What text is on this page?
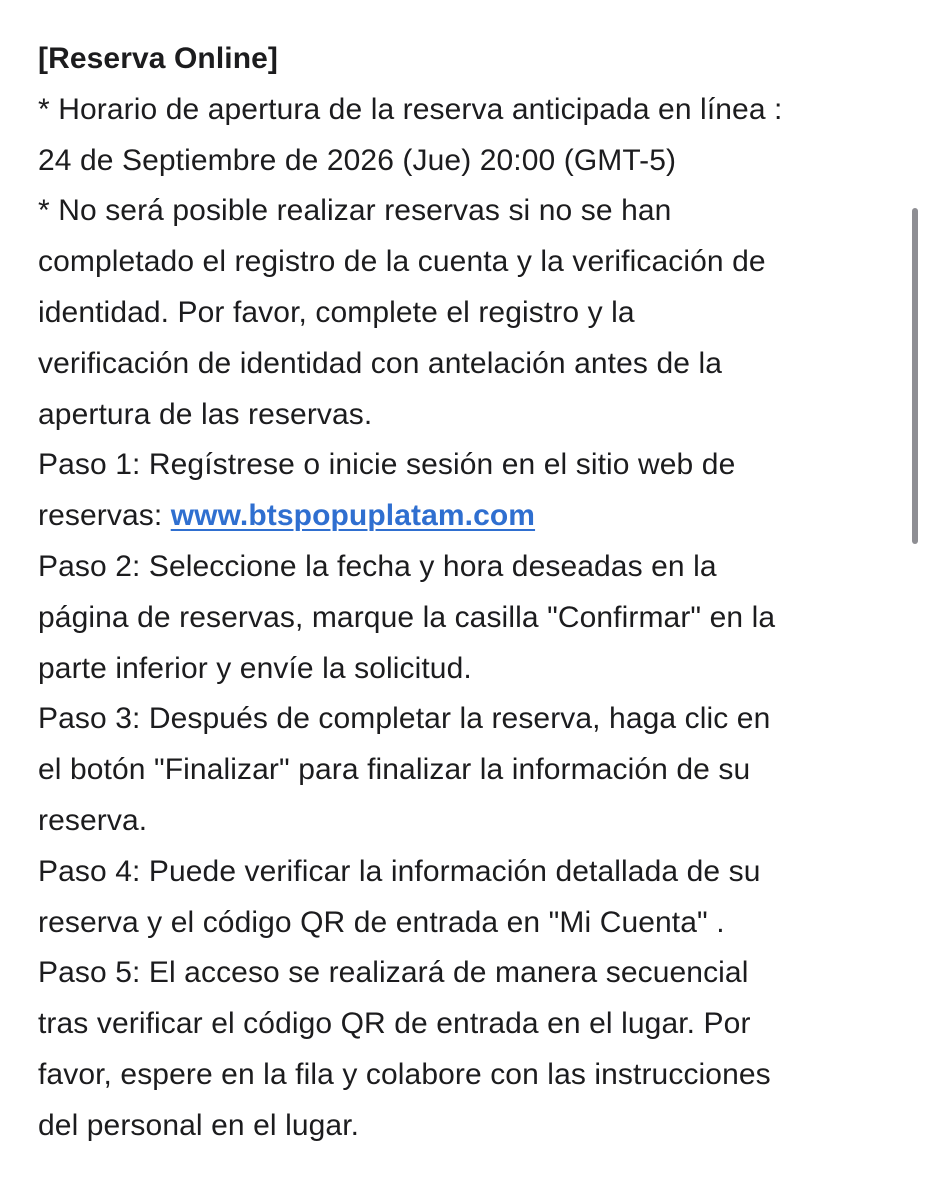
[Reserva Online]
* Horario de apertura de la reserva anticipada en línea :
24 de Septiembre de 2026 (Jue) 20:00 (GMT-5)
* No será posible realizar reservas si no se han
completado el registro de la cuenta y la verificación de
identidad. Por favor, complete el registro y la
verificación de identidad con antelación antes de la
apertura de las reservas.
Paso 1: Regístrese o inicie sesión en el sitio web de
reservas: www.btspopuplatam.com
Paso 2: Seleccione la fecha y hora deseadas en la
página de reservas, marque la casilla "Confirmar" en la
parte inferior y envíe la solicitud.
Paso 3: Después de completar la reserva, haga clic en
el botón "Finalizar" para finalizar la información de su
reserva.
Paso 4: Puede verificar la información detallada de su
reserva y el código QR de entrada en "Mi Cuenta" .
Paso 5: El acceso se realizará de manera secuencial
tras verificar el código QR de entrada en el lugar. Por
favor, espere en la fila y colabore con las instrucciones
del personal en el lugar.
